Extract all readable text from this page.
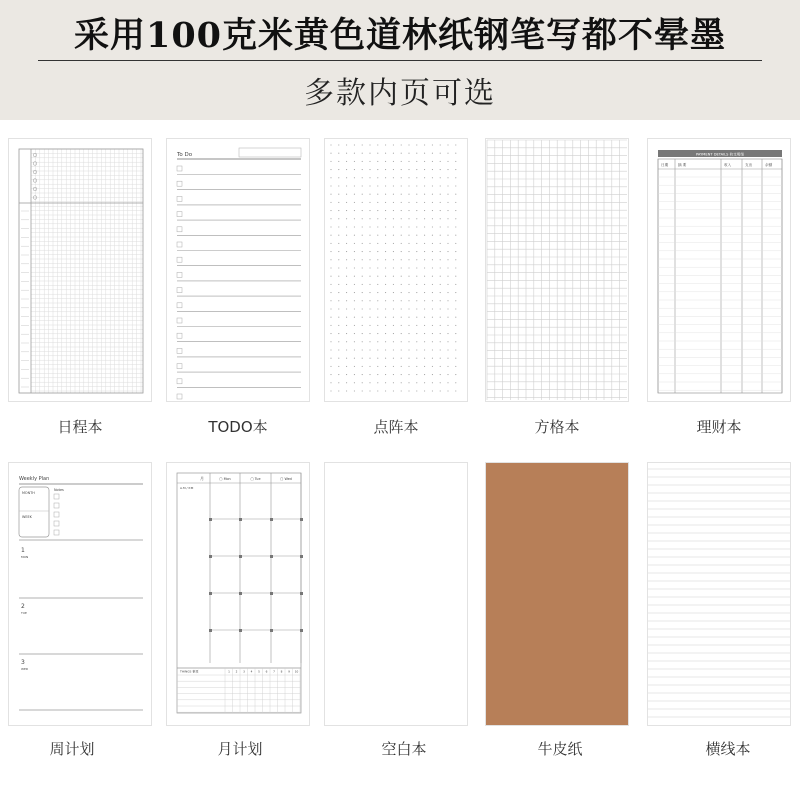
采用100克米黄色道林纸钢笔写都不晕墨
多款内页可选
日程本
To Do
TODO本	点阵本	方格本
PAYMENT DETAILS 收支明细
日期	摘 要	收入	支出	余额
理财本
Weekly Plan
MONTH
WEEK
Notes
1
MON
2
TUE
3
WED
周计划
月	▢ Mon	▢ Tue	▢ Wed
A.M / P.M
THINGS 事项	1 2 3 4 5 6 7 8 9 10
月计划	空白本	牛皮纸	横线本
